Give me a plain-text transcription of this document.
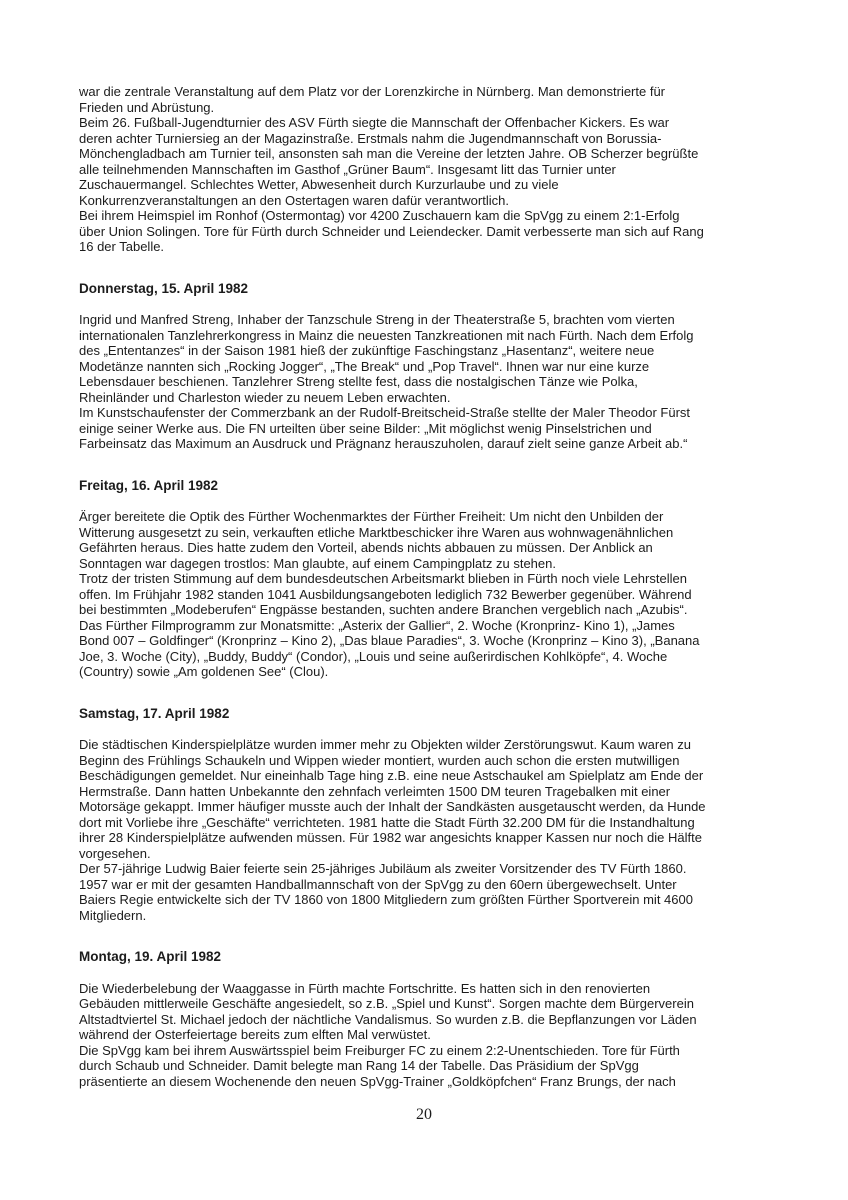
war die zentrale Veranstaltung auf dem Platz vor der Lorenzkirche in Nürnberg. Man demonstrierte für
Frieden und Abrüstung.
Beim 26. Fußball-Jugendturnier des ASV Fürth siegte die Mannschaft der Offenbacher Kickers. Es war
deren achter Turniersieg an der Magazinstraße. Erstmals nahm die Jugendmannschaft von Borussia-
Mönchengladbach am Turnier teil, ansonsten sah man die Vereine der letzten Jahre. OB Scherzer begrüßte
alle teilnehmenden Mannschaften im Gasthof „Grüner Baum“. Insgesamt litt das Turnier unter
Zuschauermangel. Schlechtes Wetter, Abwesenheit durch Kurzurlaube und zu viele
Konkurrenzveranstaltungen an den Ostertagen waren dafür verantwortlich.
Bei ihrem Heimspiel im Ronhof (Ostermontag) vor 4200 Zuschauern kam die SpVgg zu einem 2:1-Erfolg
über Union Solingen. Tore für Fürth durch Schneider und Leiendecker. Damit verbesserte man sich auf Rang
16 der Tabelle.
Donnerstag, 15. April 1982
Ingrid und Manfred Streng, Inhaber der Tanzschule Streng in der Theaterstraße 5, brachten vom vierten
internationalen Tanzlehrerkongress in Mainz die neuesten Tanzkreationen mit nach Fürth. Nach dem Erfolg
des „Ententanzes“ in der Saison 1981 hieß der zukünftige Faschingstanz „Hasentanz“, weitere neue
Modetänze nannten sich „Rocking Jogger“, „The Break“ und „Pop Travel“. Ihnen war nur eine kurze
Lebensdauer beschienen. Tanzlehrer Streng stellte fest, dass die nostalgischen Tänze wie Polka,
Rheinländer und Charleston wieder zu neuem Leben erwachten.
Im Kunstschaufenster der Commerzbank an der Rudolf-Breitscheid-Straße stellte der Maler Theodor Fürst
einige seiner Werke aus. Die FN urteilten über seine Bilder: „Mit möglichst wenig Pinselstrichen und
Farbeinsatz das Maximum an Ausdruck und Prägnanz herauszuholen, darauf zielt seine ganze Arbeit ab.“
Freitag, 16. April 1982
Ärger bereitete die Optik des Fürther Wochenmarktes der Fürther Freiheit: Um nicht den Unbilden der
Witterung ausgesetzt zu sein, verkauften etliche Marktbeschicker ihre Waren aus wohnwagenähnlichen
Gefährten heraus. Dies hatte zudem den Vorteil, abends nichts abbauen zu müssen. Der Anblick an
Sonntagen war dagegen trostlos: Man glaubte, auf einem Campingplatz zu stehen.
Trotz der tristen Stimmung auf dem bundesdeutschen Arbeitsmarkt blieben in Fürth noch viele Lehrstellen
offen. Im Frühjahr 1982 standen 1041 Ausbildungsangeboten lediglich 732 Bewerber gegenüber. Während
bei bestimmten „Modeberufen“ Engpässe bestanden, suchten andere Branchen vergeblich nach „Azubis“.
Das Fürther Filmprogramm zur Monatsmitte: „Asterix der Gallier“, 2. Woche (Kronprinz- Kino 1), „James
Bond 007 – Goldfinger“ (Kronprinz – Kino 2), „Das blaue Paradies“, 3. Woche (Kronprinz – Kino 3), „Banana
Joe, 3. Woche (City), „Buddy, Buddy“ (Condor), „Louis und seine außerirdischen Kohlköpfe“, 4. Woche
(Country) sowie „Am goldenen See“ (Clou).
Samstag, 17. April 1982
Die städtischen Kinderspielplätze wurden immer mehr zu Objekten wilder Zerstörungswut. Kaum waren zu
Beginn des Frühlings Schaukeln und Wippen wieder montiert, wurden auch schon die ersten mutwilligen
Beschädigungen gemeldet. Nur eineinhalb Tage hing z.B. eine neue Astschaukel am Spielplatz am Ende der
Hermstraße. Dann hatten Unbekannte den zehnfach verleimten 1500 DM teuren Tragebalken mit einer
Motorsäge gekappt. Immer häufiger musste auch der Inhalt der Sandkästen ausgetauscht werden, da Hunde
dort mit Vorliebe ihre „Geschäfte“ verrichteten. 1981 hatte die Stadt Fürth 32.200 DM für die Instandhaltung
ihrer 28 Kinderspielplätze aufwenden müssen. Für 1982 war angesichts knapper Kassen nur noch die Hälfte
vorgesehen.
Der 57-jährige Ludwig Baier feierte sein 25-jähriges Jubiläum als zweiter Vorsitzender des TV Fürth 1860.
1957 war er mit der gesamten Handballmannschaft von der SpVgg zu den 60ern übergewechselt. Unter
Baiers Regie entwickelte sich der TV 1860 von 1800 Mitgliedern zum größten Fürther Sportverein mit 4600
Mitgliedern.
Montag, 19. April 1982
Die Wiederbelebung der Waaggasse in Fürth machte Fortschritte. Es hatten sich in den renovierten
Gebäuden mittlerweile Geschäfte angesiedelt, so z.B. „Spiel und Kunst“. Sorgen machte dem Bürgerverein
Altstadtviertel St. Michael jedoch der nächtliche Vandalismus. So wurden z.B. die Bepflanzungen vor Läden
während der Osterfeiertage bereits zum elften Mal verwüstet.
Die SpVgg kam bei ihrem Auswärtsspiel beim Freiburger FC zu einem 2:2-Unentschieden. Tore für Fürth
durch Schaub und Schneider. Damit belegte man Rang 14 der Tabelle. Das Präsidium der SpVgg
präsentierte an diesem Wochenende den neuen SpVgg-Trainer „Goldköpfchen“ Franz Brungs, der nach
20
